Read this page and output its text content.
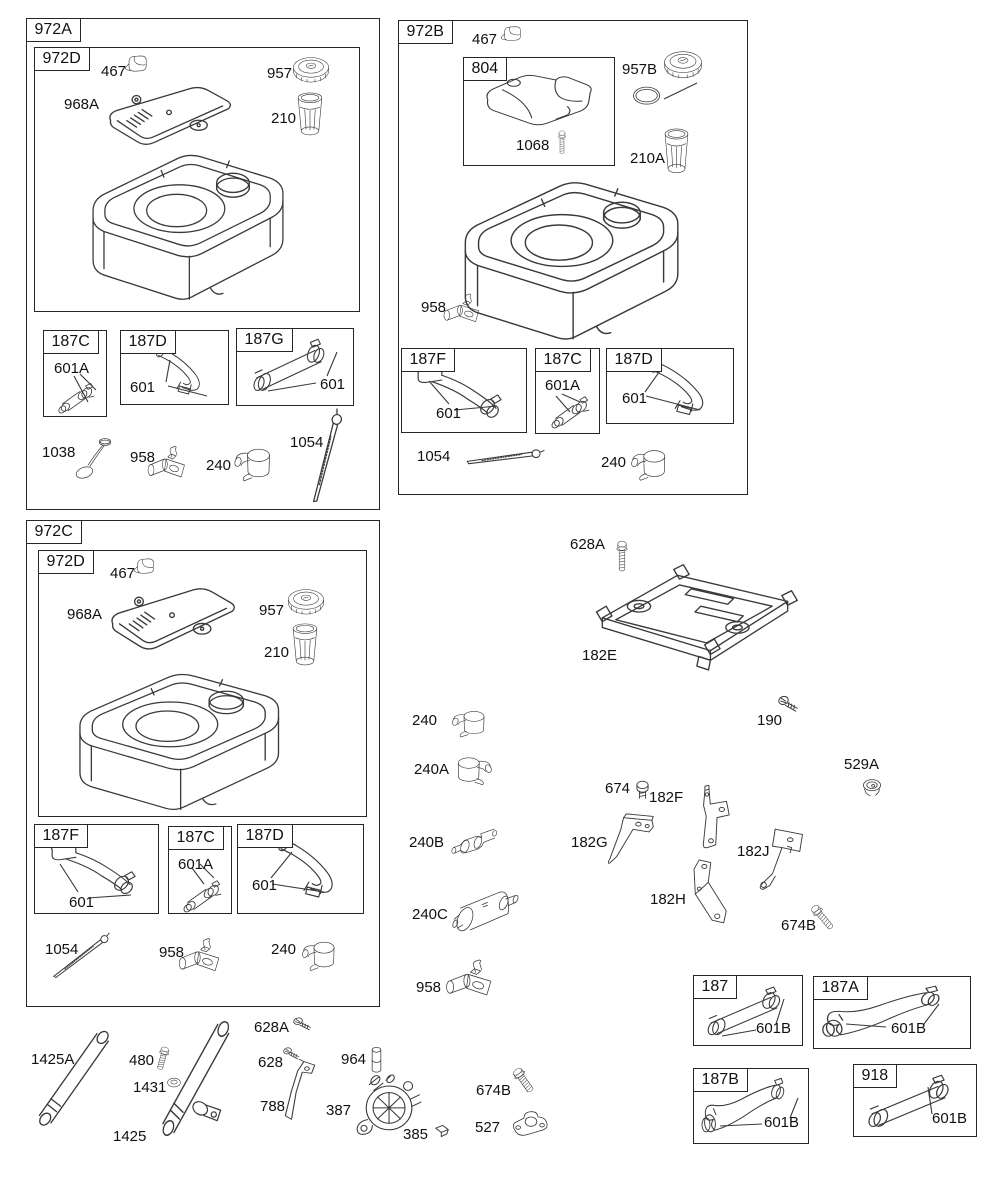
972A
972D
467	957
968A
210
187C
601A
187D
601
187G
601
1038	958	240
1054
972B	467
804
1068
957B
210A
958
187F
601
187C
601A
187D
601
1054	240
972C
972D
467
968A	957
210
187F
601
187C
601A
187D
601
1054	958	240
628A
182E
190
240
240A
240B
240C
958
674
182F
182G
182H
182J
529A
674B
1425A	480
1431
1425
628A
628
788
964
387
385
674B
527
187
601B
187A
601B
187B
601B
918
601B
